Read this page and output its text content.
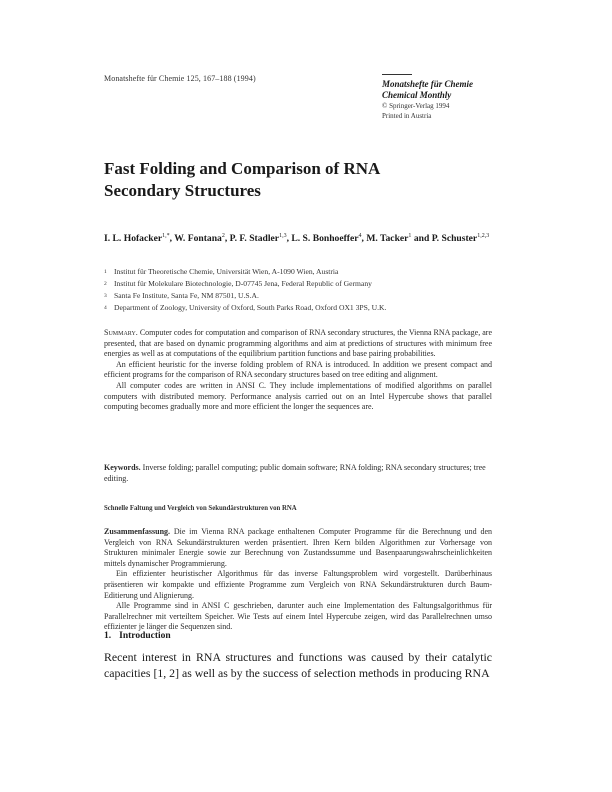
Monatshefte für Chemie 125, 167–188 (1994)
Monatshefte für Chemie
Chemical Monthly
© Springer-Verlag 1994
Printed in Austria
Fast Folding and Comparison of RNA
Secondary Structures
I. L. Hofacker$^{1,*}$, W. Fontana$^2$, P. F. Stadler$^{1,3}$, L. S. Bonhoeffer$^4$, M. Tacker$^1$ and P. Schuster$^{1,2,3}$
1 Institut für Theoretische Chemie, Universität Wien, A-1090 Wien, Austria
2 Institut für Molekulare Biotechnologie, D-07745 Jena, Federal Republic of Germany
3 Santa Fe Institute, Santa Fe, NM 87501, U.S.A.
4 Department of Zoology, University of Oxford, South Parks Road, Oxford OX1 3PS, U.K.

Summary. Computer codes for computation and comparison of RNA secondary structures, the Vienna RNA package, are presented, that are based on dynamic programming algorithms and aim at predictions of structures with minimum free energies as well as at computations of the equilibrium partition functions and base pairing probabilities.

An efficient heuristic for the inverse folding problem of RNA is introduced. In addition we present compact and efficient programs for the comparison of RNA secondary structures based on tree editing and alignment.

All computer codes are written in ANSI C. They include implementations of modified algorithms on parallel computers with distributed memory. Performance analysis carried out on an Intel Hypercube shows that parallel computing becomes gradually more and more efficient the longer the sequences are.

Keywords. Inverse folding; parallel computing; public domain software; RNA folding; RNA secondary structures; tree editing.
Schnelle Faltung und Vergleich von Sekundärstrukturen von RNA

Zusammenfassung. Die im Vienna RNA package enthaltenen Computer Programme für die Berechnung und den Vergleich von RNA Sekundärstrukturen werden präsentiert. Ihren Kern bilden Algorithmen zur Vorhersage von Strukturen minimaler Energie sowie zur Berechnung von Zustandssumme und Basenpaarungswahrscheinlichkeiten mittels dynamischer Programmierung.

Ein effizienter heuristischer Algorithmus für das inverse Faltungsproblem wird vorgestellt. Darüberhinaus präsentieren wir kompakte und effiziente Programme zum Vergleich von RNA Sekundärstrukturen durch Baum-Editierung und Alignierung.

Alle Programme sind in ANSI C geschrieben, darunter auch eine Implementation des Faltungsalgorithmus für Parallelrechner mit verteiltem Speicher. Wie Tests auf einem Intel Hypercube zeigen, wird das Parallelrechnen umso effizienter je länger die Sequenzen sind.

1. Introduction
Recent interest in RNA structures and functions was caused by their catalytic capacities [1, 2] as well as by the success of selection methods in producing RNA
